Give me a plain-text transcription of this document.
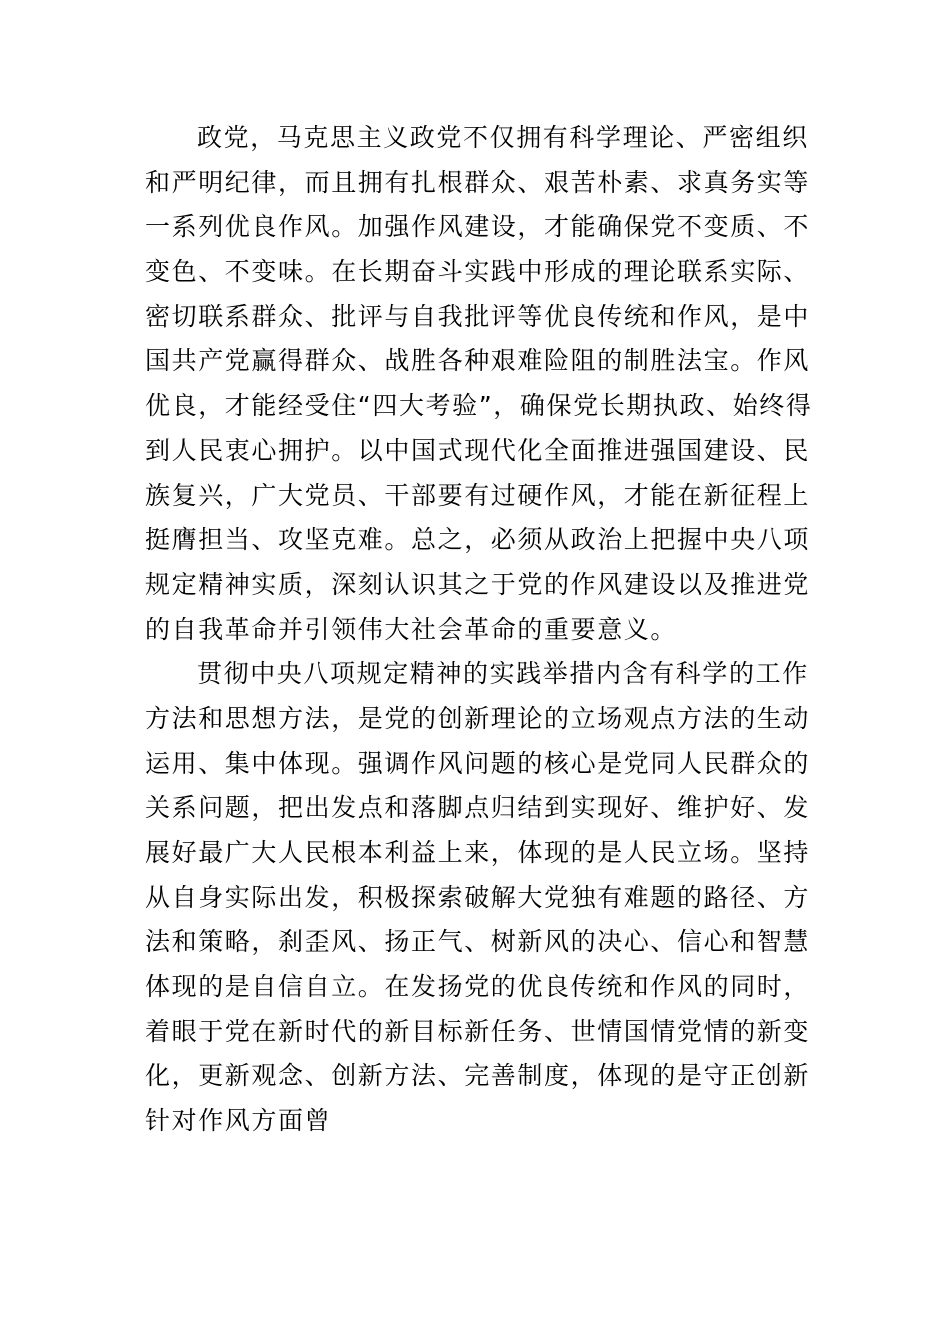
政党，马克思主义政党不仅拥有科学理论、严密组织
和严明纪律，而且拥有扎根群众、艰苦朴素、求真务实等
一系列优良作风。加强作风建设，才能确保党不变质、不
变色、不变味。在长期奋斗实践中形成的理论联系实际、
密切联系群众、批评与自我批评等优良传统和作风，是中
国共产党赢得群众、战胜各种艰难险阻的制胜法宝。作风
优良，才能经受住“四大考验”，确保党长期执政、始终得
到人民衷心拥护。以中国式现代化全面推进强国建设、民
族复兴，广大党员、干部要有过硬作风，才能在新征程上
挺膺担当、攻坚克难。总之，必须从政治上把握中央八项
规定精神实质，深刻认识其之于党的作风建设以及推进党
的自我革命并引领伟大社会革命的重要意义。
贯彻中央八项规定精神的实践举措内含有科学的工作
方法和思想方法，是党的创新理论的立场观点方法的生动
运用、集中体现。强调作风问题的核心是党同人民群众的
关系问题，把出发点和落脚点归结到实现好、维护好、发
展好最广大人民根本利益上来，体现的是人民立场。坚持
从自身实际出发，积极探索破解大党独有难题的路径、方
法和策略，刹歪风、扬正气、树新风的决心、信心和智慧
体现的是自信自立。在发扬党的优良传统和作风的同时，
着眼于党在新时代的新目标新任务、世情国情党情的新变
化，更新观念、创新方法、完善制度，体现的是守正创新
针对作风方面曾
